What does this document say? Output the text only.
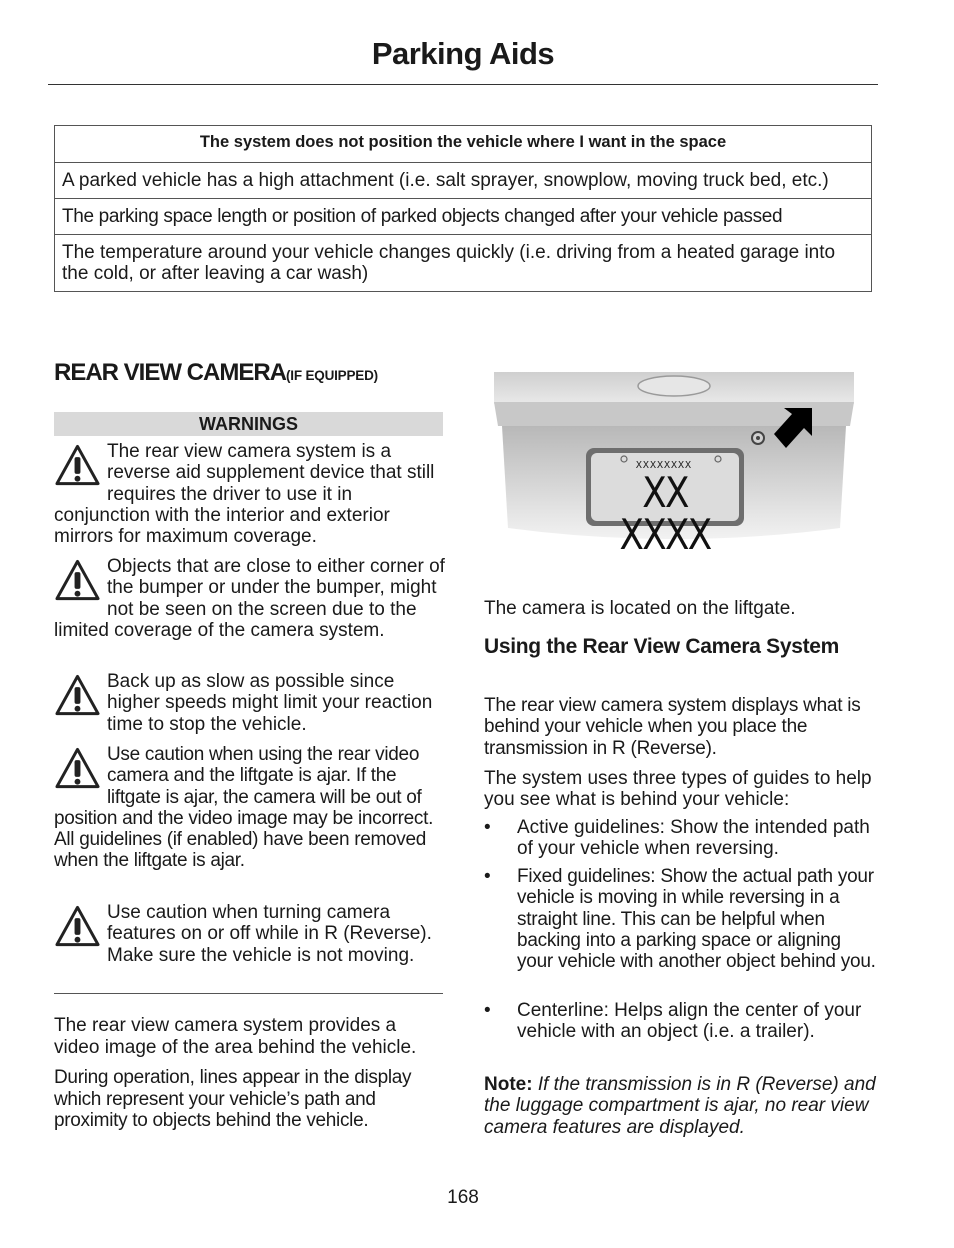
Parking Aids
The system does not position the vehicle where I want in the space
A parked vehicle has a high attachment (i.e. salt sprayer, snowplow, moving truck bed, etc.)
The parking space length or position of parked objects changed after your vehicle passed
The temperature around your vehicle changes quickly (i.e. driving from a heated garage into the cold, or after leaving a car wash)
REAR VIEW CAMERA(IF EQUIPPED)
WARNINGS
The rear view camera system is a reverse aid supplement device that still requires the driver to use it in conjunction with the interior and exterior mirrors for maximum coverage.
Objects that are close to either corner of the bumper or under the bumper, might not be seen on the screen due to the limited coverage of the camera system.
Back up as slow as possible since higher speeds might limit your reaction time to stop the vehicle.
Use caution when using the rear video camera and the liftgate is ajar. If the liftgate is ajar, the camera will be out of position and the video image may be incorrect. All guidelines (if enabled) have been removed when the liftgate is ajar.
Use caution when turning camera features on or off while in R (Reverse). Make sure the vehicle is not moving.
The rear view camera system provides a video image of the area behind the vehicle.
During operation, lines appear in the display which represent your vehicle’s path and proximity to objects behind the vehicle.
XXXXXXXX
XX XXXX
The camera is located on the liftgate.
Using the Rear View Camera System
The rear view camera system displays what is behind your vehicle when you place the transmission in R (Reverse).
The system uses three types of guides to help you see what is behind your vehicle:
•	Active guidelines: Show the intended path of your vehicle when reversing.
•	Fixed guidelines: Show the actual path your vehicle is moving in while reversing in a straight line. This can be helpful when backing into a parking space or aligning your vehicle with another object behind you.
•	Centerline: Helps align the center of your vehicle with an object (i.e. a trailer).
Note: If the transmission is in R (Reverse) and the luggage compartment is ajar, no rear view camera features are displayed.
168
